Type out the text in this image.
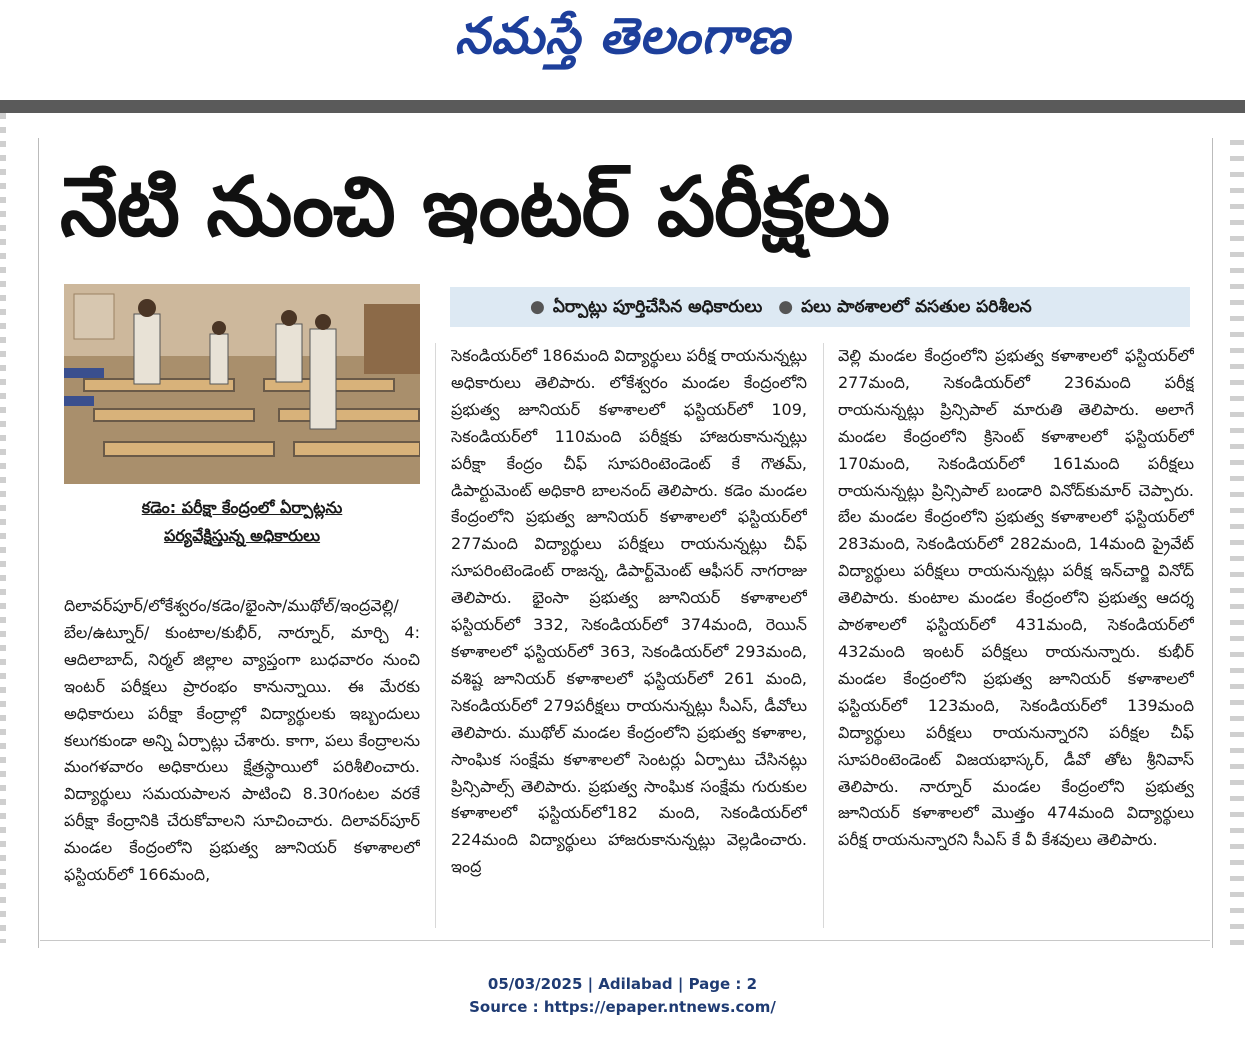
నమస్తే తెలంగాణ
నేటి నుంచి ఇంటర్ పరీక్షలు
● ఏర్పాట్లు పూర్తిచేసిన అధికారులు ● పలు పాఠశాలలో వసతుల పరిశీలన
కడెం: పరీక్షా కేంద్రంలో ఏర్పాట్లను
పర్యవేక్షిస్తున్న అధికారులు

దిలావర్‌పూర్/లోకేశ్వరం/కడెం/భైంసా/ముథోల్/ఇంద్రవెల్లి/బేల/ఉట్నూర్/ కుంటాల/కుభీర్, నార్నూర్, మార్చి 4: ఆదిలాబాద్, నిర్మల్ జిల్లాల వ్యాప్తంగా బుధవారం నుంచి ఇంటర్ పరీక్షలు ప్రారంభం కానున్నాయి. ఈ మేరకు అధికారులు పరీక్షా కేంద్రాల్లో విద్యార్థులకు ఇబ్బందులు కలుగకుండా అన్ని ఏర్పాట్లు చేశారు. కాగా, పలు కేంద్రాలను మంగళవారం అధికారులు క్షేత్రస్థాయిలో పరిశీలించారు. విద్యార్థులు సమయపాలన పాటించి 8.30గంటల వరకే పరీక్షా కేంద్రానికి చేరుకోవాలని సూచించారు. దిలావర్‌పూర్ మండల కేంద్రంలోని ప్రభుత్వ జూనియర్ కళాశాలలో ఫస్టియర్‌లో 166మంది,

సెకండియర్‌లో 186మంది విద్యార్థులు పరీక్ష రాయనున్నట్లు అధికారులు తెలిపారు. లోకేశ్వరం మండల కేంద్రంలోని ప్రభుత్వ జూనియర్ కళాశాలలో ఫస్టియర్‌లో 109, సెకండియర్‌లో 110మంది పరీక్షకు హాజరుకానున్నట్లు పరీక్షా కేంద్రం చీఫ్ సూపరింటెండెంట్ కే గౌతమ్, డిపార్టుమెంట్ అధికారి బాలనంద్ తెలిపారు. కడెం మండల కేంద్రంలోని ప్రభుత్వ జూనియర్ కళాశాలలో ఫస్టియర్‌లో 277మంది విద్యార్థులు పరీక్షలు రాయనున్నట్లు చీఫ్ సూపరింటెండెంట్ రాజన్న, డిపార్ట్‌మెంట్ ఆఫీసర్ నాగరాజు తెలిపారు. భైంసా ప్రభుత్వ జూనియర్ కళాశాలలో ఫస్టియర్‌లో 332, సెకండియర్‌లో 374మంది, రెయిన్ కళాశాలలో ఫస్టియర్‌లో 363, సెకండియర్‌లో 293మంది, వశిష్ట జూనియర్ కళాశాలలో ఫస్టియర్‌లో 261 మంది, సెకండియర్‌లో 279పరీక్షలు రాయనున్నట్లు సీఎస్, డీవోలు తెలిపారు. ముథోల్ మండల కేంద్రంలోని ప్రభుత్వ కళాశాల, సాంఘిక సంక్షేమ కళాశాలలో సెంటర్లు ఏర్పాటు చేసినట్లు ప్రిన్సిపాల్స్ తెలిపారు. ప్రభుత్వ సాంఘిక సంక్షేమ గురుకుల కళాశాలలో ఫస్టియర్‌లో182 మంది, సెకండియర్‌లో 224మంది విద్యార్థులు హాజరుకానున్నట్లు వెల్లడించారు. ఇంద్ర

వెల్లి మండల కేంద్రంలోని ప్రభుత్వ కళాశాలలో ఫస్టియర్‌లో 277మంది, సెకండియర్‌లో 236మంది పరీక్ష రాయనున్నట్లు ప్రిన్సిపాల్ మారుతి తెలిపారు. అలాగే మండల కేంద్రంలోని క్రిసెంట్ కళాశాలలో ఫస్టియర్‌లో 170మంది, సెకండియర్‌లో 161మంది పరీక్షలు రాయనున్నట్లు ప్రిన్సిపాల్ బండారి వినోద్‌కుమార్ చెప్పారు. బేల మండల కేంద్రంలోని ప్రభుత్వ కళాశాలలో ఫస్టియర్‌లో 283మంది, సెకండియర్‌లో 282మంది, 14మంది ప్రైవేట్ విద్యార్థులు పరీక్షలు రాయనున్నట్లు పరీక్ష ఇన్‌చార్జి వినోద్ తెలిపారు. కుంటాల మండల కేంద్రంలోని ప్రభుత్వ ఆదర్శ పాఠశాలలో ఫస్టియర్‌లో 431మంది, సెకండియర్‌లో 432మంది ఇంటర్ పరీక్షలు రాయనున్నారు. కుభీర్ మండల కేంద్రంలోని ప్రభుత్వ జూనియర్ కళాశాలలో ఫస్టియర్‌లో 123మంది, సెకండియర్‌లో 139మంది విద్యార్థులు పరీక్షలు రాయనున్నారని పరీక్షల చీఫ్ సూపరింటెండెంట్ విజయభాస్కర్, డీవో తోట శ్రీనివాస్ తెలిపారు. నార్నూర్ మండల కేంద్రంలోని ప్రభుత్వ జూనియర్ కళాశాలలో మొత్తం 474మంది విద్యార్థులు పరీక్ష రాయనున్నారని సీఎస్ కే వీ కేశవులు తెలిపారు.

05/03/2025 | Adilabad | Page : 2
Source : https://epaper.ntnews.com/
